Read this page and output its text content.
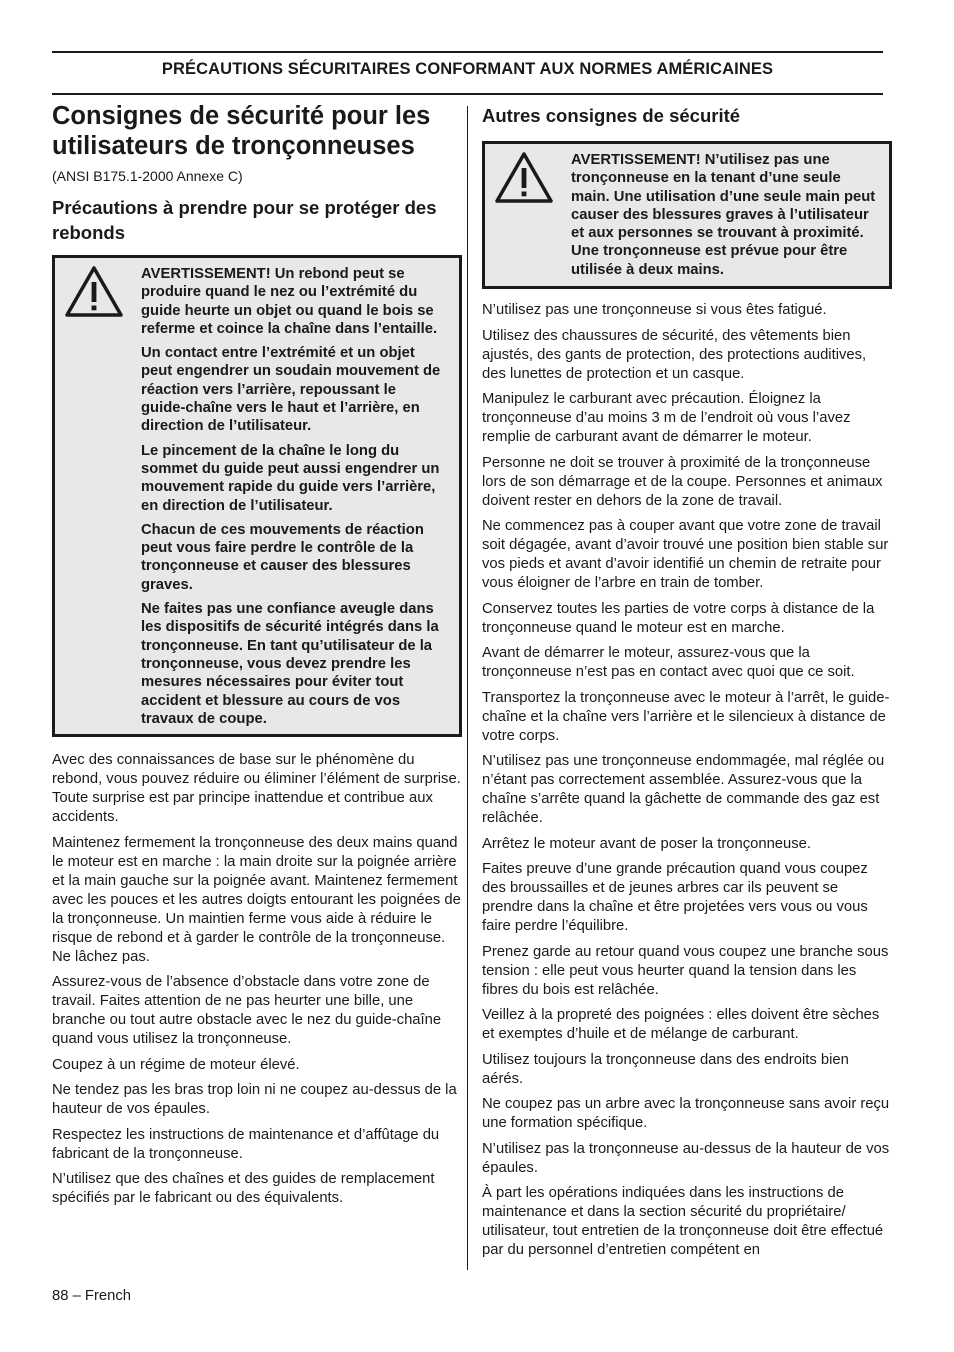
PRÉCAUTIONS SÉCURITAIRES CONFORMANT AUX NORMES AMÉRICAINES
Consignes de sécurité pour les utilisateurs de tronçonneuses

(ANSI B175.1-2000 Annexe C)

Précautions à prendre pour se protéger des rebonds

AVERTISSEMENT! Un rebond peut se produire quand le nez ou l’extrémité du guide heurte un objet ou quand le bois se referme et coince la chaîne dans l’entaille.

Un contact entre l’extrémité et un objet peut engendrer un soudain mouvement de réaction vers l’arrière, repoussant le guide-chaîne vers le haut et l’arrière, en direction de l’utilisateur.

Le pincement de la chaîne le long du sommet du guide peut aussi engendrer un mouvement rapide du guide vers l’arrière, en direction de l’utilisateur.

Chacun de ces mouvements de réaction peut vous faire perdre le contrôle de la tronçonneuse et causer des blessures graves.

Ne faites pas une confiance aveugle dans les dispositifs de sécurité intégrés dans la tronçonneuse. En tant qu’utilisateur de la tronçonneuse, vous devez prendre les mesures nécessaires pour éviter tout accident et blessure au cours de vos travaux de coupe.

Avec des connaissances de base sur le phénomène du rebond, vous pouvez réduire ou éliminer l’élément de surprise. Toute surprise est par principe inattendue et contribue aux accidents.

Maintenez fermement la tronçonneuse des deux mains quand le moteur est en marche : la main droite sur la poignée arrière et la main gauche sur la poignée avant. Maintenez fermement avec les pouces et les autres doigts entourant les poignées de la tronçonneuse. Un maintien ferme vous aide à réduire le risque de rebond et à garder le contrôle de la tronçonneuse. Ne lâchez pas.

Assurez-vous de l’absence d’obstacle dans votre zone de travail. Faites attention de ne pas heurter une bille, une branche ou tout autre obstacle avec le nez du guide-chaîne quand vous utilisez la tronçonneuse.

Coupez à un régime de moteur élevé.

Ne tendez pas les bras trop loin ni ne coupez au-dessus de la hauteur de vos épaules.

Respectez les instructions de maintenance et d’affûtage du fabricant de la tronçonneuse.

N’utilisez que des chaînes et des guides de remplacement spécifiés par le fabricant ou des équivalents.

Autres consignes de sécurité

AVERTISSEMENT! N’utilisez pas une tronçonneuse en la tenant d’une seule main. Une utilisation d’une seule main peut causer des blessures graves à l’utilisateur et aux personnes se trouvant à proximité. Une tronçonneuse est prévue pour être utilisée à deux mains.

N’utilisez pas une tronçonneuse si vous êtes fatigué.

Utilisez des chaussures de sécurité, des vêtements bien ajustés, des gants de protection, des protections auditives, des lunettes de protection et un casque.

Manipulez le carburant avec précaution. Éloignez la tronçonneuse d’au moins 3 m de l’endroit où vous l’avez remplie de carburant avant de démarrer le moteur.

Personne ne doit se trouver à proximité de la tronçonneuse lors de son démarrage et de la coupe. Personnes et animaux doivent rester en dehors de la zone de travail.

Ne commencez pas à couper avant que votre zone de travail soit dégagée, avant d’avoir trouvé une position bien stable sur vos pieds et avant d’avoir identifié un chemin de retraite pour vous éloigner de l’arbre en train de tomber.

Conservez toutes les parties de votre corps à distance de la tronçonneuse quand le moteur est en marche.

Avant de démarrer le moteur, assurez-vous que la tronçonneuse n’est pas en contact avec quoi que ce soit.

Transportez la tronçonneuse avec le moteur à l’arrêt, le guide-chaîne et la chaîne vers l’arrière et le silencieux à distance de votre corps.

N’utilisez pas une tronçonneuse endommagée, mal réglée ou n’étant pas correctement assemblée. Assurez-vous que la chaîne s’arrête quand la gâchette de commande des gaz est relâchée.

Arrêtez le moteur avant de poser la tronçonneuse.

Faites preuve d’une grande précaution quand vous coupez des broussailles et de jeunes arbres car ils peuvent se prendre dans la chaîne et être projetées vers vous ou vous faire perdre l’équilibre.

Prenez garde au retour quand vous coupez une branche sous tension : elle peut vous heurter quand la tension dans les fibres du bois est relâchée.

Veillez à la propreté des poignées : elles doivent être sèches et exemptes d’huile et de mélange de carburant.

Utilisez toujours la tronçonneuse dans des endroits bien aérés.

Ne coupez pas un arbre avec la tronçonneuse sans avoir reçu une formation spécifique.

N’utilisez pas la tronçonneuse au-dessus de la hauteur de vos épaules.

À part les opérations indiquées dans les instructions de maintenance et dans la section sécurité du propriétaire/ utilisateur, tout entretien de la tronçonneuse doit être effectué par du personnel d’entretien compétent en

88 – French
